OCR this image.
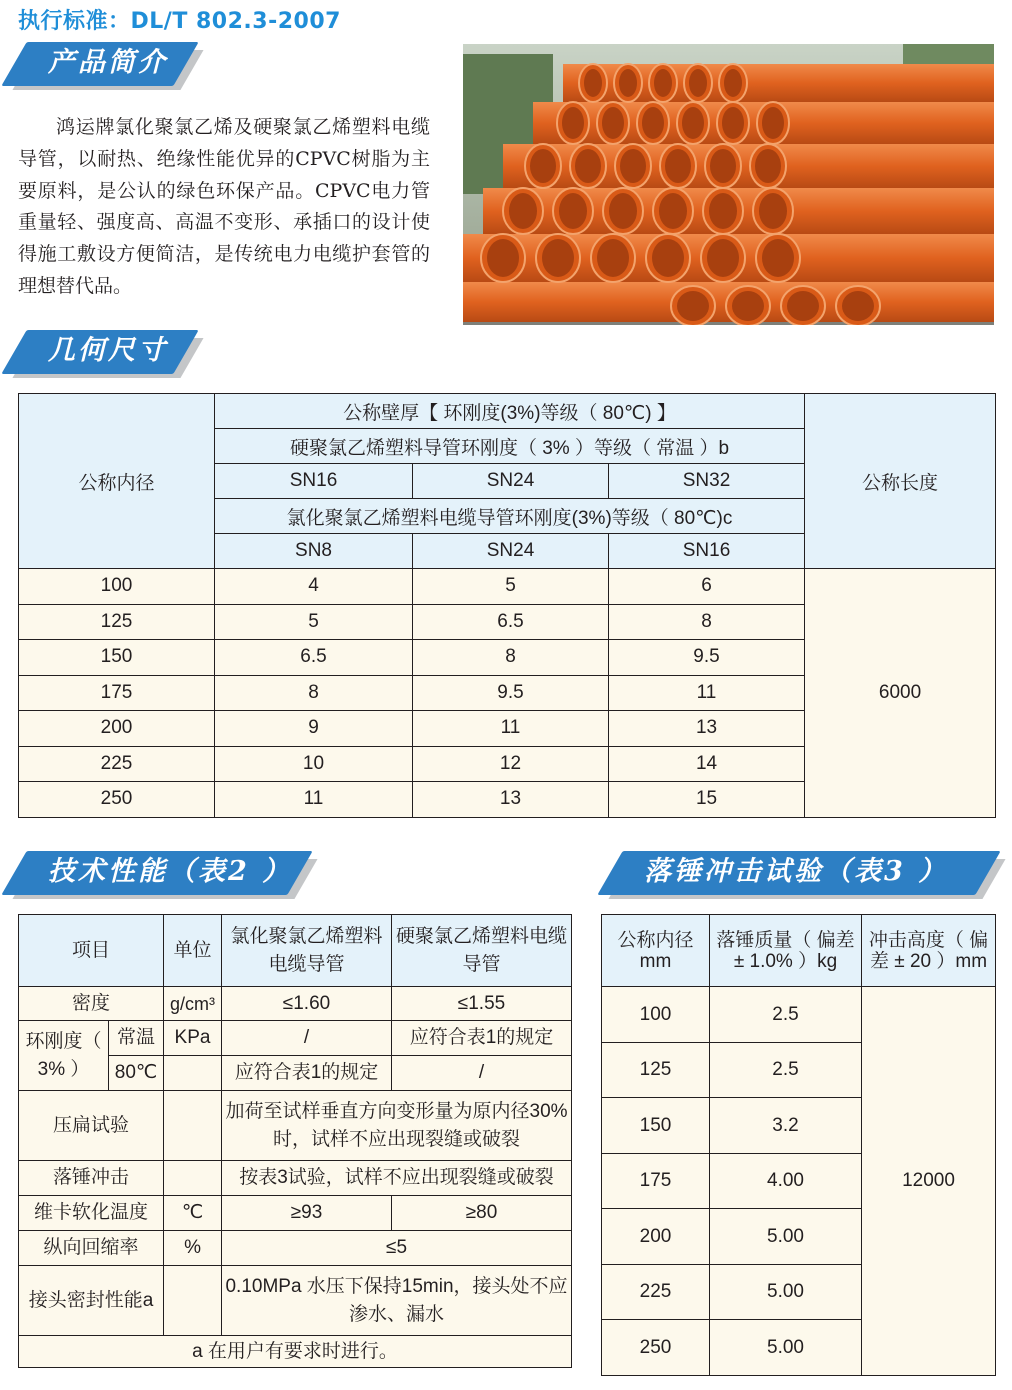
执行标准：DL/T 802.3-2007
产品简介
鸿运牌氯化聚氯乙烯及硬聚氯乙烯塑料电缆导管，以耐热、绝缘性能优异的CPVC树脂为主要原料，是公认的绿色环保产品。CPVC电力管重量轻、强度高、高温不变形、承插口的设计使得施工敷设方便简洁，是传统电力电缆护套管的理想替代品。
几何尺寸
公称内径	公称壁厚【 环刚度(3%)等级（ 80℃) 】			公称长度
	硬聚氯乙烯塑料导管环刚度（ 3% ）等级（ 常温 ）b			
	SN16	SN24	SN32	
	氯化聚氯乙烯塑料电缆导管环刚度(3%)等级（ 80℃)c			
	SN8	SN24	SN16	
100	4	5	6	6000
125	5	6.5	8	
150	6.5	8	9.5	
175	8	9.5	11	
200	9	11	13	
225	10	12	14	
250	11	13	15	
技术性能（表2 ）	落锤冲击试验（表3 ）
项目		单位	氯化聚氯乙烯塑料电缆导管	硬聚氯乙烯塑料电缆导管
密度		g/cm³	≤1.60	≤1.55
环刚度（ 3% ）	常温	KPa	/	应符合表1的规定
	80℃		应符合表1的规定	/
压扁试验			加荷至试样垂直方向变形量为原内径30%时，试样不应出现裂缝或破裂	
落锤冲击			按表3试验，试样不应出现裂缝或破裂	
维卡软化温度		℃	≥93	≥80
纵向回缩率		%	≤5	
接头密封性能a			0.10MPa 水压下保持15min，接头处不应渗水、漏水	
a 在用户有要求时进行。				
公称内径mm	落锤质量（ 偏差 ± 1.0% ）kg	冲击高度（ 偏差 ± 20 ）mm
100	2.5	12000
125	2.5	
150	3.2	
175	4.00	
200	5.00	
225	5.00	
250	5.00	
